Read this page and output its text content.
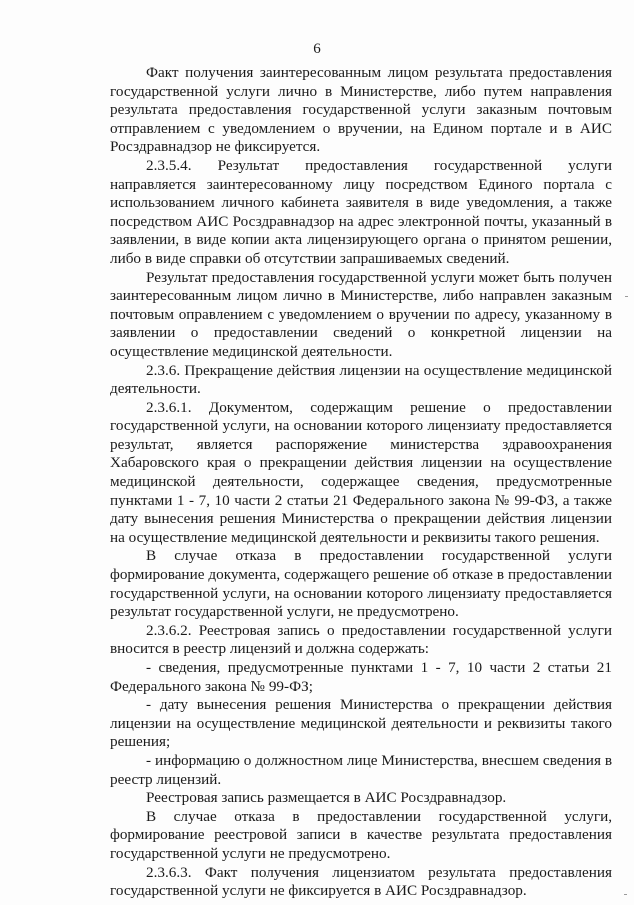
6

Факт получения заинтересованным лицом результата предоставления государственной услуги лично в Министерстве, либо путем направления результата предоставления государственной услуги заказным почтовым отправлением с уведомлением о вручении, на Едином портале и в АИС Росздравнадзор не фиксируется.

2.3.5.4. Результат предоставления государственной услуги направляется заинтересованному лицу посредством Единого портала с использованием личного кабинета заявителя в виде уведомления, а также посредством АИС Росздравнадзор на адрес электронной почты, указанный в заявлении, в виде копии акта лицензирующего органа о принятом решении, либо в виде справки об отсутствии запрашиваемых сведений.

Результат предоставления государственной услуги может быть получен заинтересованным лицом лично в Министерстве, либо направлен заказным почтовым оправлением с уведомлением о вручении по адресу, указанному в заявлении о предоставлении сведений о конкретной лицензии на осуществление медицинской деятельности.

2.3.6. Прекращение действия лицензии на осуществление медицинской деятельности.

2.3.6.1. Документом, содержащим решение о предоставлении государственной услуги, на основании которого лицензиату предоставляется результат, является распоряжение министерства здравоохранения Хабаровского края о прекращении действия лицензии на осуществление медицинской деятельности, содержащее сведения, предусмотренные пунктами 1 - 7, 10 части 2 статьи 21 Федерального закона № 99-ФЗ, а также дату вынесения решения Министерства о прекращении действия лицензии на осуществление медицинской деятельности и реквизиты такого решения.

В случае отказа в предоставлении государственной услуги формирование документа, содержащего решение об отказе в предоставлении государственной услуги, на основании которого лицензиату предоставляется результат государственной услуги, не предусмотрено.

2.3.6.2. Реестровая запись о предоставлении государственной услуги вносится в реестр лицензий и должна содержать:

- сведения, предусмотренные пунктами 1 - 7, 10 части 2 статьи 21 Федерального закона № 99-ФЗ;

- дату вынесения решения Министерства о прекращении действия лицензии на осуществление медицинской деятельности и реквизиты такого решения;

- информацию о должностном лице Министерства, внесшем сведения в реестр лицензий.

Реестровая запись размещается в АИС Росздравнадзор.

В случае отказа в предоставлении государственной услуги, формирование реестровой записи в качестве результата предоставления государственной услуги не предусмотрено.

2.3.6.3. Факт получения лицензиатом результата предоставления государственной услуги не фиксируется в АИС Росздравнадзор.
